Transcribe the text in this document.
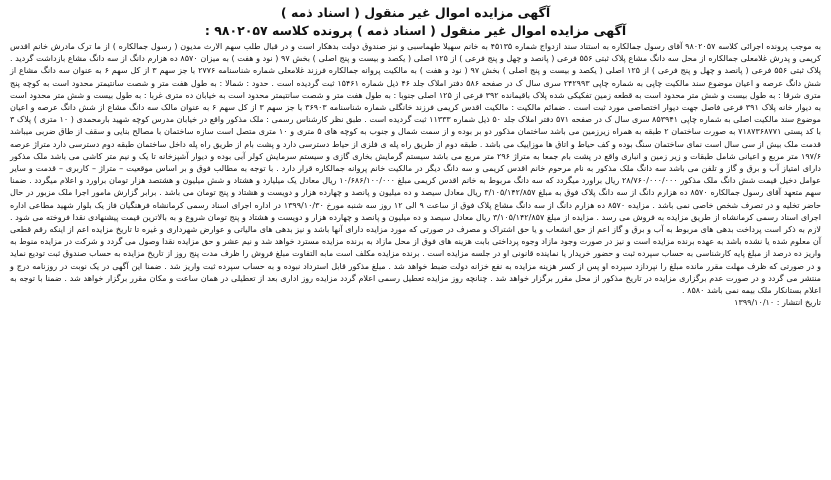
آگهی مزایده اموال غیر منقول ( اسناد ذمه )
آگهی مزایده اموال غیر منقول ( اسناد ذمه ) پرونده کلاسه ۹۸۰۲۰۵۷ :
به موجب پرونده اجرائی کلاسه ۹۸۰۲۰۵۷ آقای رسول جمالکاره به استناد سند ازدواج شماره ۴۵۱۳۵ به خانم سهیلا طهماسبی و نیز صندوق دولت بدهکار است و در قبال طلب سهم الارث مدیون ( رسول جمالکاره ) از ما ترک مادرش خانم اقدس کریمی و پدرش غلامعلی جمالکاره از محل سه دانگ مشاع پلاک ثبتی ۵۵۶ فرعی ( پانصد و چهل و پنج فرعی ) از ۱۲۵ اصلی ( یکصد و بیست و پنج اصلی ) بخش ۹۷ ( نود و هفت ) به میزان ۸۵۷۰ ده هزارم دانگ از سه دانگ مشاع بازداشت گردید . پلاک ثبتی ۵۵۶ فرعی ( پانصد و چهل و پنج فرعی ) از ۱۲۵ اصلی ( یکصد و بیست و پنج اصلی ) بخش ۹۷ ( نود و هفت ) به مالکیت پروانه جمالکاره فرزند غلامعلی شماره شناسنامه ۲۷۷۶ با جز سهم ۳ از کل سهم ۶ به عنوان سه دانگ مشاع از شش دانگ عرصه و اعیان موضوع سند مالکیت چاپی به شماره چاپی ۲۴۲۹۹۳ سری سال ک در صفحه ۵۸۶ دفتر املاک جلد ۴۶ ذیل شماره ۱۵۴۶۱ ثبت گردیده است . حدود : شمالا : به طول هفت متر و شصت سانتیمتر محدود است به کوچه پنج متری شرقا : به طول بیست و شش متر محدود است به قطعه زمین تفکیکی شده پلاک باقیمانده ۳۹۲ فرعی از ۱۲۵ اصلی جنوبا : به طول هفت متر و شصت سانتیمتر محدود است به خیابان ده متری غربا : به طول بیست و شش متر محدود است به دیوار خانه پلاک ۳۹۱ فرعی فاصل جهت دیوار اختصاصی مورد ثبت است . ضمائم مالکیت : مالکیت اقدس کریمی فرزند خانگلی شماره شناسنامه ۳۶۹۰۳ با جز سهم ۳ از کل سهم ۶ به عنوان مالک سه دانگ مشاع از شش دانگ عرصه و اعیان موضوع سند مالکیت اصلی به شماره چاپی ۸۵۳۹۴۱ سری سال ک در صفحه ۵۷۱ دفتر املاک جلد ۵۰ ذیل شماره ۱۱۳۳۳ ثبت گردیده است . طبق نظر کارشناس رسمی : ملک مذکور واقع در خیابان مدرس کوچه شهید بارمحمدی ( ۱۰ متری ) پلاک ۳ با کد پستی ۷۱۸۷۳۶۸۷۷۱ به صورت ساختمان ۲ طبقه به همراه زیرزمین می باشد ساختمان مذکور دو بر بوده و از سمت شمال و جنوب به کوچه های ۵ متری و ۱۰ متری متصل است سازه ساختمان با مصالح بنایی و سقف از طاق ضربی میباشد قدمت ملک بیش از سی سال است نمای ساختمان سنگ بوده و کف حیاط و اتاق ها موزاییک می باشد . طبقه دوم از طریق راه پله ی فلزی از حیاط دسترسی دارد و پشت بام از طریق راه پله داخل ساختمان طبقه دوم دسترسی دارد متراژ عرصه ۱۹۷/۶ متر مربع و اعیانی شامل طبقات و زیر زمین و انباری واقع در پشت بام جمعا به متراژ ۲۹۶ متر مربع می باشد سیستم گرمایش بخاری گازی و سیستم سرمایش کولر آبی بوده و دیوار آشپزخانه تا یک و نیم متر کاشی می باشد ملک مذکور دارای امتیاز آب و برق و گاز و تلفن می باشد سه دانگ ملک مذکور به نام مرحوم خانم اقدس کریمی و سه دانگ دیگر در مالکیت خانم پروانه جمالکاره قرار دارد . با توجه به مطالب فوق و بر اساس موقعیت – متراژ – کاربری – قدمت و سایر عوامل دخیل قیمت شش دانگ ملک مذکور ۲۸/۷۶۰/۰۰۰/۰۰۰ ریال براورد میگردد که سه دانگ مربوط به خانم اقدس کریمی مبلغ ۱۰/۶۸۶/۱۰۰/۰۰۰ ریال معادل یک میلیارد و هشتاد و شش میلیون و هشتصد هزار تومان براورد و اعلام میگردد . ضمنا سهم متعهد آقای رسول جمالکاره ۸۵۷۰ ده هزارم دانگ از سه دانگ پلاک فوق به مبلغ ۳/۱۰۵/۱۴۲/۸۵۷ ریال معادل سیصد و ده میلیون و پانصد و چهارده هزار و دویست و هشتاد و پنج تومان می باشد . برابر گزارش مامور اجرا ملک مزبور در حال حاضر تخلیه و در تصرف شخص خاصی نمی باشد . مزایده ۸۵۷۰ ده هزارم دانگ از سه دانگ مشاع پلاک فوق از ساعت ۹ الی ۱۲ روز سه شنبه مورخ ۱۳۹۹/۱۰/۳۰ در اداره اجرای اسناد رسمی کرمانشاه فرهنگیان فاز یک بلوار شهید مطاعی اداره اجرای اسناد رسمی کرمانشاه از طریق مزایده به فروش می رسد . مزایده از مبلغ ۳/۱۰۵/۱۴۲/۸۵۷ ریال معادل سیصد و ده میلیون و پانصد و چهارده هزار و دویست و هشتاد و پنج تومان شروع و به بالاترین قیمت پیشنهادی نقدا فروخته می شود . لازم به ذکر است پرداخت بدهی های مربوط به آب و برق و گاز اعم از حق انشعاب و یا حق اشتراک و مصرف در صورتی که مورد مزایده دارای آنها باشد و نیز بدهی های مالیاتی و عوارض شهرداری و غیره تا تاریخ مزایده اعم از اینکه رقم قطعی آن معلوم شده یا نشده باشد به عهده برنده مزایده است و نیز در صورت وجود مازاد وجوه پرداختی بابت هزینه های فوق از محل مازاد به برنده مزایده مسترد خواهد شد و نیم عشر و حق مزایده نقدا وصول می گردد و شرکت در مزایده منوط به واریز ده درصد از مبلغ پایه کارشناسی به حساب سپرده ثبت و حضور خریدار یا نماینده قانونی او در جلسه مزایده است . برنده مزایده مکلف است مابه التفاوت مبلغ فروش را ظرف مدت پنج روز از تاریخ مزایده به حساب صندوق ثبت تودیع نماید و در صورتی که ظرف مهلت مقرر مانده مبلغ را نپردازد سپرده او پس از کسر هزینه مزایده به نفع خزانه دولت ضبط خواهد شد . مبلغ مذکور قابل استرداد نبوده و به حساب سپرده ثبت واریز شد . ضمنا این آگهی در یک نوبت در روزنامه درج و منتشر می گردد و در صورت عدم برگزاری مزایده در تاریخ مذکور از محل مقرر برگزار خواهد شد . چنانچه روز مزایده تعطیل رسمی اعلام گردد مزایده روز اداری بعد از تعطیلی در همان ساعت و مکان مقرر برگزار خواهد شد . ضمنا با توجه به اعلام بستانکار ملک بیمه نمی باشد ۸۵۸۰ .
تاریخ انتشار : ۱۳۹۹/۱۰/۱۰
